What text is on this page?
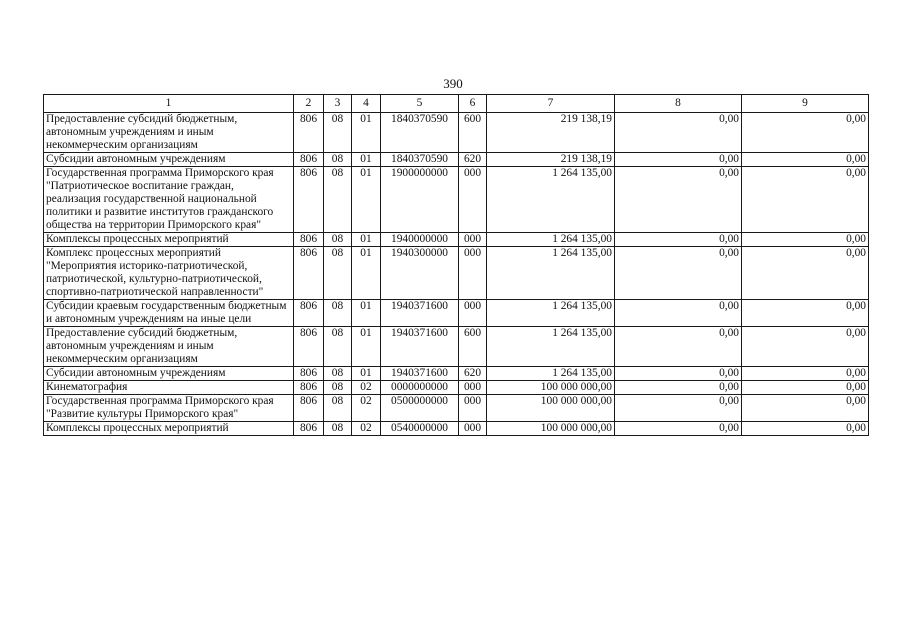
390
1	2	3	4	5	6	7	8	9
Предоставление субсидий бюджетным, автономным учреждениям и иным некоммерческим организациям	806	08	01	1840370590	600	219 138,19	0,00	0,00
Субсидии автономным учреждениям	806	08	01	1840370590	620	219 138,19	0,00	0,00
Государственная программа Приморского края "Патриотическое воспитание граждан, реализация государственной национальной политики и развитие институтов гражданского общества на территории Приморского края"	806	08	01	1900000000	000	1 264 135,00	0,00	0,00
Комплексы процессных мероприятий	806	08	01	1940000000	000	1 264 135,00	0,00	0,00
Комплекс процессных мероприятий "Мероприятия историко-патриотической, патриотической, культурно-патриотической, спортивно-патриотической направленности"	806	08	01	1940300000	000	1 264 135,00	0,00	0,00
Субсидии краевым государственным бюджетным и автономным учреждениям на иные цели	806	08	01	1940371600	000	1 264 135,00	0,00	0,00
Предоставление субсидий бюджетным, автономным учреждениям и иным некоммерческим организациям	806	08	01	1940371600	600	1 264 135,00	0,00	0,00
Субсидии автономным учреждениям	806	08	01	1940371600	620	1 264 135,00	0,00	0,00
Кинематография	806	08	02	0000000000	000	100 000 000,00	0,00	0,00
Государственная программа Приморского края "Развитие культуры Приморского края"	806	08	02	0500000000	000	100 000 000,00	0,00	0,00
Комплексы процессных мероприятий	806	08	02	0540000000	000	100 000 000,00	0,00	0,00
